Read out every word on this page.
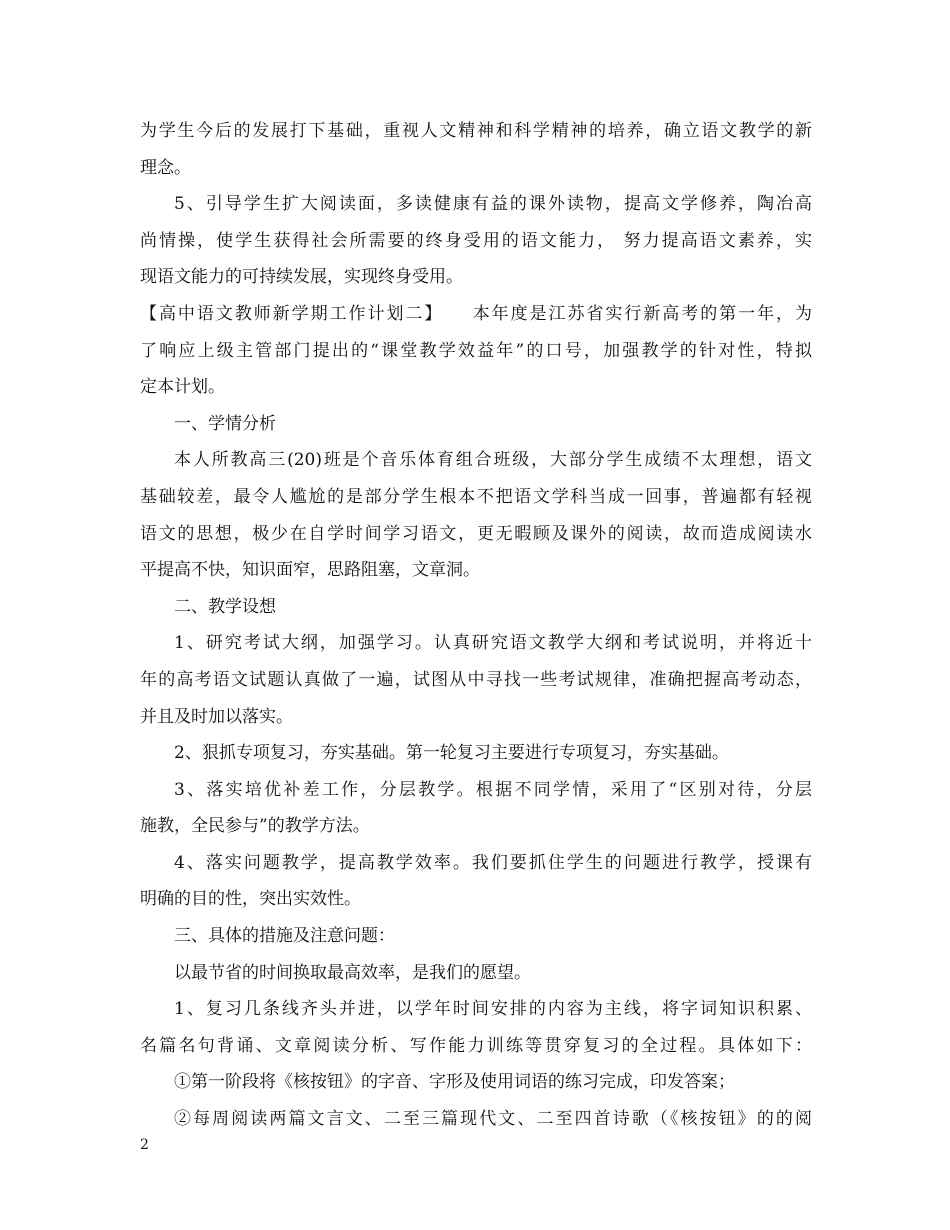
为学生今后的发展打下基础，重视人文精神和科学精神的培养，确立语文教学的新
理念。
5、引导学生扩大阅读面，多读健康有益的课外读物，提高文学修养，陶冶高
尚情操，使学生获得社会所需要的终身受用的语文能力， 努力提高语文素养，实
现语文能力的可持续发展，实现终身受用。
【高中语文教师新学期工作计划二】　　本年度是江苏省实行新高考的第一年，为
了响应上级主管部门提出的“课堂教学效益年”的口号，加强教学的针对性，特拟
定本计划。
一、学情分析
本人所教高三(20)班是个音乐体育组合班级，大部分学生成绩不太理想，语文
基础较差，最令人尴尬的是部分学生根本不把语文学科当成一回事，普遍都有轻视
语文的思想，极少在自学时间学习语文，更无暇顾及课外的阅读，故而造成阅读水
平提高不快，知识面窄，思路阻塞，文章洞。
二、教学设想
1、研究考试大纲，加强学习。认真研究语文教学大纲和考试说明，并将近十
年的高考语文试题认真做了一遍，试图从中寻找一些考试规律，准确把握高考动态，
并且及时加以落实。
2、狠抓专项复习，夯实基础。第一轮复习主要进行专项复习，夯实基础。
3、落实培优补差工作，分层教学。根据不同学情，采用了“区别对待，分层
施教，全民参与”的教学方法。
4、落实问题教学，提高教学效率。我们要抓住学生的问题进行教学，授课有
明确的目的性，突出实效性。
三、具体的措施及注意问题：
以最节省的时间换取最高效率，是我们的愿望。
1、复习几条线齐头并进，以学年时间安排的内容为主线，将字词知识积累、
名篇名句背诵、文章阅读分析、写作能力训练等贯穿复习的全过程。具体如下：
①第一阶段将《核按钮》的字音、字形及使用词语的练习完成，印发答案；
②每周阅读两篇文言文、二至三篇现代文、二至四首诗歌（《核按钮》的的阅
2
